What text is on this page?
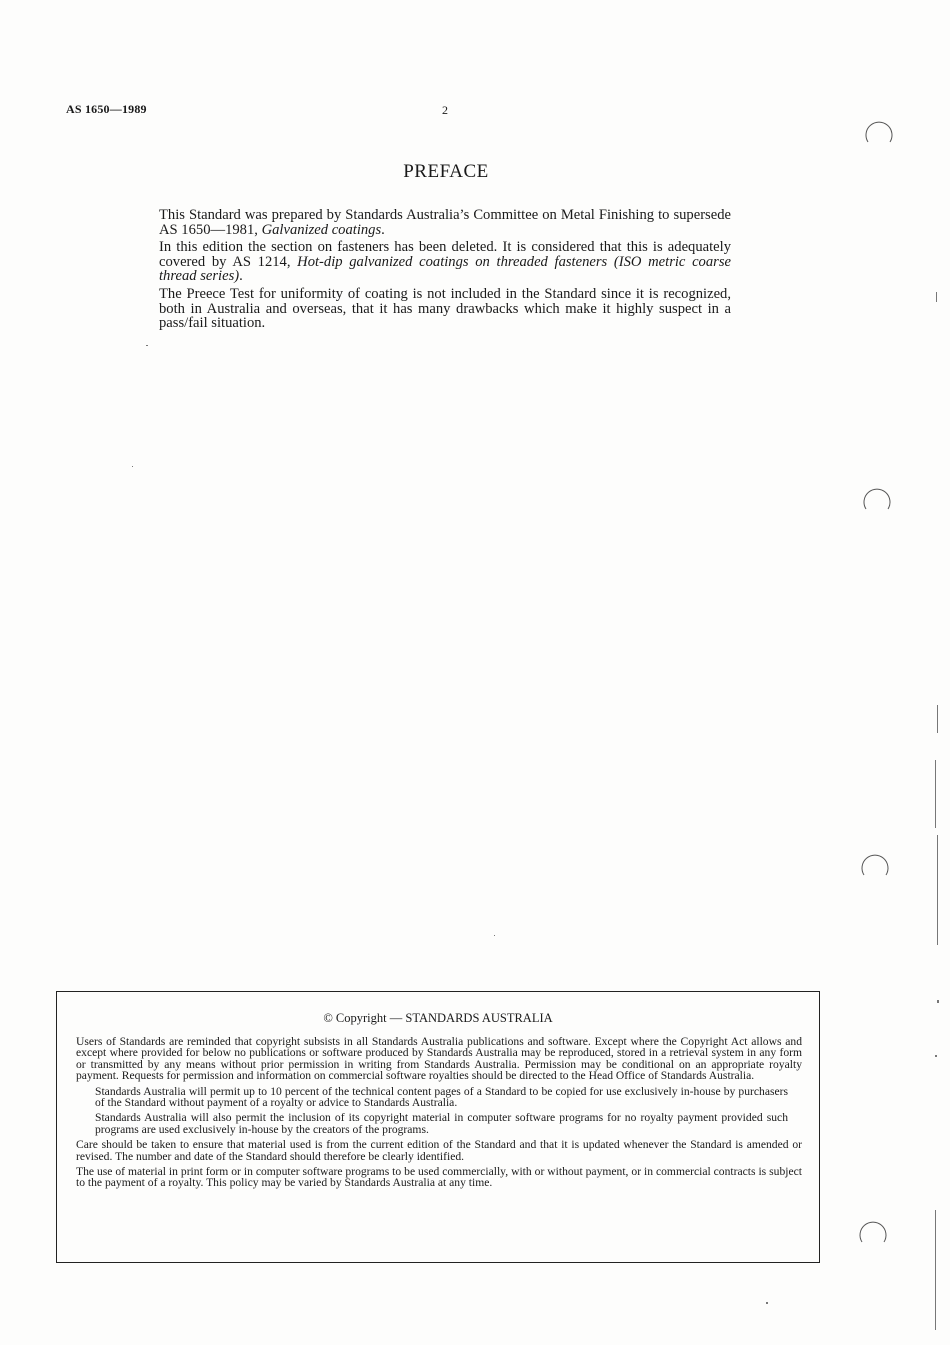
AS 1650—1989	2
PREFACE

This Standard was prepared by Standards Australia’s Committee on Metal Finishing to supersede AS 1650—1981, Galvanized coatings.

In this edition the section on fasteners has been deleted. It is considered that this is adequately covered by AS 1214, Hot-dip galvanized coatings on threaded fasteners (ISO metric coarse thread series).

The Preece Test for uniformity of coating is not included in the Standard since it is recognized, both in Australia and overseas, that it has many drawbacks which make it highly suspect in a pass/fail situation.

© Copyright — STANDARDS AUSTRALIA

Users of Standards are reminded that copyright subsists in all Standards Australia publications and software. Except where the Copyright Act allows and except where provided for below no publications or software produced by Standards Australia may be reproduced, stored in a retrieval system in any form or transmitted by any means without prior permission in writing from Standards Australia. Permission may be conditional on an appropriate royalty payment. Requests for permission and information on commercial software royalties should be directed to the Head Office of Standards Australia.

Standards Australia will permit up to 10 percent of the technical content pages of a Standard to be copied for use exclusively in-house by purchasers of the Standard without payment of a royalty or advice to Standards Australia.

Standards Australia will also permit the inclusion of its copyright material in computer software programs for no royalty payment provided such programs are used exclusively in-house by the creators of the programs.

Care should be taken to ensure that material used is from the current edition of the Standard and that it is updated whenever the Standard is amended or revised. The number and date of the Standard should therefore be clearly identified.

The use of material in print form or in computer software programs to be used commercially, with or without payment, or in commercial contracts is subject to the payment of a royalty. This policy may be varied by Standards Australia at any time.
